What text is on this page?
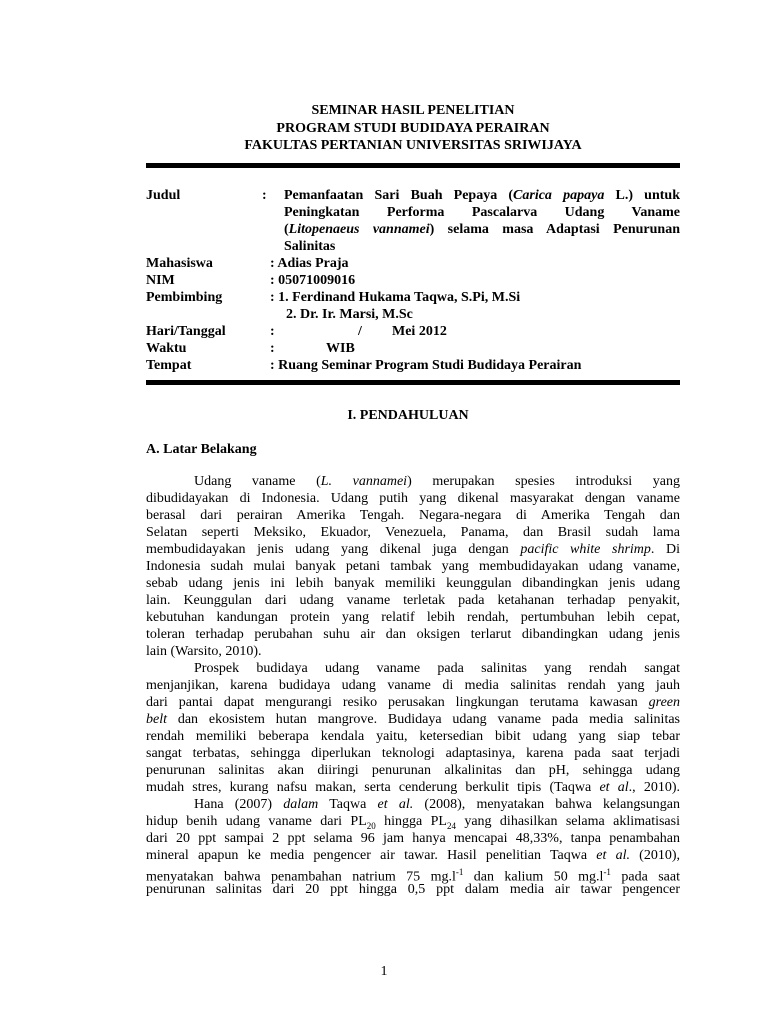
SEMINAR HASIL PENELITIAN
PROGRAM STUDI BUDIDAYA PERAIRAN
FAKULTAS PERTANIAN UNIVERSITAS SRIWIJAYA
Judul	: Pemanfaatan Sari Buah Pepaya (Carica papaya L.) untuk
Peningkatan Performa Pascalarva Udang Vaname
(Litopenaeus vannamei) selama masa Adaptasi Penurunan
Salinitas
Mahasiswa	: Adias Praja
NIM	: 05071009016
Pembimbing	: 1. Ferdinand Hukama Taqwa, S.Pi, M.Si
2. Dr. Ir. Marsi, M.Sc
Hari/Tanggal	:	/ Mei 2012
Waktu	:	WIB
Tempat	: Ruang Seminar Program Studi Budidaya Perairan
I. PENDAHULUAN
A. Latar Belakang
Udang vaname (L. vannamei) merupakan spesies introduksi yang
dibudidayakan di Indonesia. Udang putih yang dikenal masyarakat dengan vaname
berasal dari perairan Amerika Tengah. Negara-negara di Amerika Tengah dan
Selatan seperti Meksiko, Ekuador, Venezuela, Panama, dan Brasil sudah lama
membudidayakan jenis udang yang dikenal juga dengan pacific white shrimp. Di
Indonesia sudah mulai banyak petani tambak yang membudidayakan udang vaname,
sebab udang jenis ini lebih banyak memiliki keunggulan dibandingkan jenis udang
lain. Keunggulan dari udang vaname terletak pada ketahanan terhadap penyakit,
kebutuhan kandungan protein yang relatif lebih rendah, pertumbuhan lebih cepat,
toleran terhadap perubahan suhu air dan oksigen terlarut dibandingkan udang jenis
lain (Warsito, 2010).
Prospek budidaya udang vaname pada salinitas yang rendah sangat
menjanjikan, karena budidaya udang vaname di media salinitas rendah yang jauh
dari pantai dapat mengurangi resiko perusakan lingkungan terutama kawasan green
belt dan ekosistem hutan mangrove. Budidaya udang vaname pada media salinitas
rendah memiliki beberapa kendala yaitu, ketersedian bibit udang yang siap tebar
sangat terbatas, sehingga diperlukan teknologi adaptasinya, karena pada saat terjadi
penurunan salinitas akan diiringi penurunan alkalinitas dan pH, sehingga udang
mudah stres, kurang nafsu makan, serta cenderung berkulit tipis (Taqwa et al., 2010).
Hana (2007) dalam Taqwa et al. (2008), menyatakan bahwa kelangsungan
hidup benih udang vaname dari $PL_{20}$ hingga $PL_{24}$ yang dihasilkan selama aklimatisasi
dari 20 ppt sampai 2 ppt selama 96 jam hanya mencapai 48,33%, tanpa penambahan
mineral apapun ke media pengencer air tawar. Hasil penelitian Taqwa et al. (2010),
menyatakan bahwa penambahan natrium 75 $mg.l^{-1}$ dan kalium 50 $mg.l^{-1}$ pada saat
penurunan salinitas dari 20 ppt hingga 0,5 ppt dalam media air tawar pengencer
1
